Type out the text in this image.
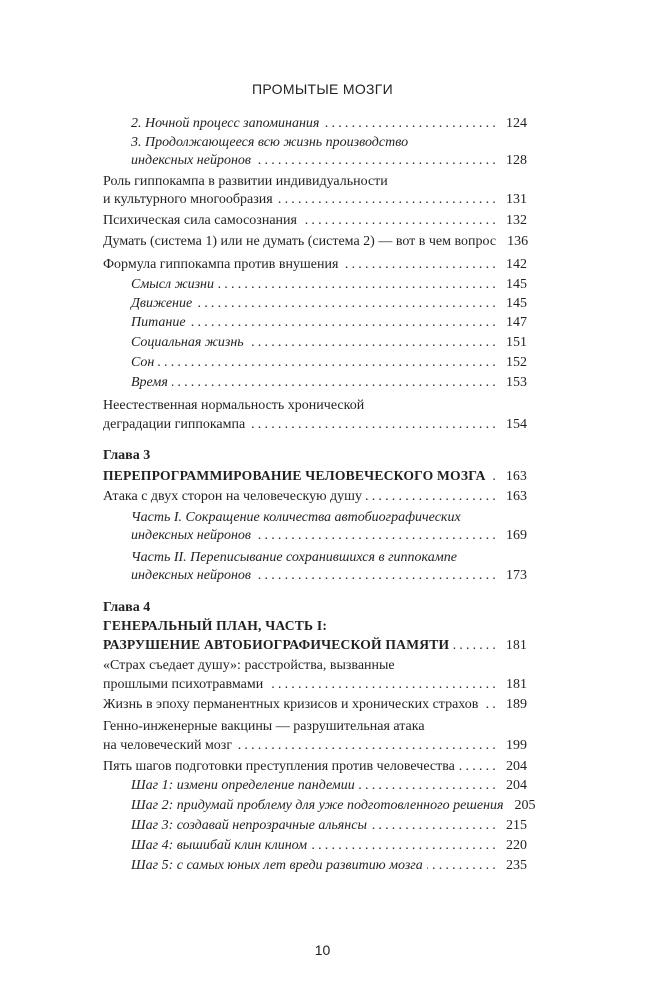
ПРОМЫТЫЕ МОЗГИ
Глава 3
Глава 4
2. Ночной процесс запоминания .....	124
3. Продолжающееся всю жизнь производство
индексных нейронов .....	128
Роль гиппокампа в развитии индивидуальности
и культурного многообразия .....	131
Психическая сила самосознания .....	132
Думать (система 1) или не думать (система 2) — вот в чем вопрос 136
Формула гиппокампа против внушения .....	142
Смысл жизни .....	145
Движение .....	145
Питание .....	147
Социальная жизнь .....	151
Сон .....	152
Время .....	153
Неестественная нормальность хронической
деградации гиппокампа .....	154
ПЕРЕПРОГРАММИРОВАНИЕ ЧЕЛОВЕЧЕСКОГО МОЗГА ..... 163
Атака с двух сторон на человеческую душу .....	163
Часть I. Сокращение количества автобиографических
индексных нейронов .....	169
Часть II. Переписывание сохранившихся в гиппокампе
индексных нейронов .....	173
ГЕНЕРАЛЬНЫЙ ПЛАН, ЧАСТЬ I:
РАЗРУШЕНИЕ АВТОБИОГРАФИЧЕСКОЙ ПАМЯТИ .....	181
«Страх съедает душу»: расстройства, вызванные
прошлыми психотравмами .....	181
Жизнь в эпоху перманентных кризисов и хронических страхов ..... 189
Генно-инженерные вакцины — разрушительная атака
на человеческий мозг .....	199
Пять шагов подготовки преступления против человечества .....	204
Шаг 1: измени определение пандемии .....	204
Шаг 2: придумай проблему для уже подготовленного решения 205
Шаг 3: создавай непрозрачные альянсы .....	215
Шаг 4: вышибай клин клином .....	220
Шаг 5: с самых юных лет вреди развитию мозга .....	235
10
